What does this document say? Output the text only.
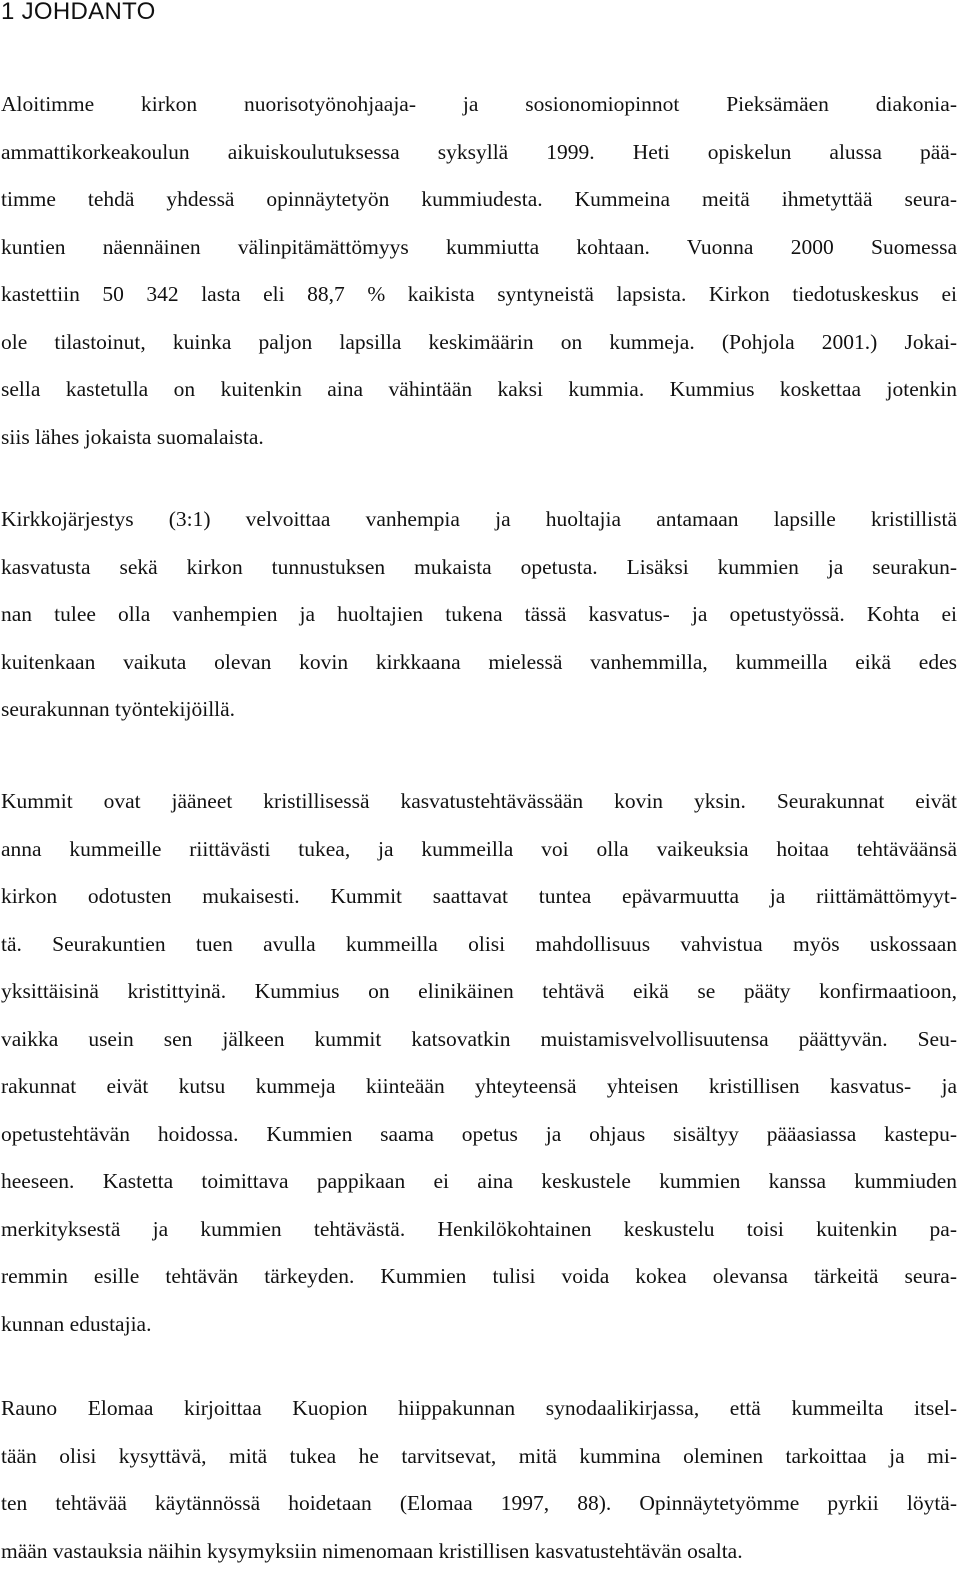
1 JOHDANTO
Aloitimme kirkon nuorisotyönohjaaja- ja sosionomiopinnot Pieksämäen diakonia-
ammattikorkeakoulun aikuiskoulutuksessa syksyllä 1999. Heti opiskelun alussa pää-
timme tehdä yhdessä opinnäytetyön kummiudesta. Kummeina meitä ihmetyttää seura-
kuntien näennäinen välinpitämättömyys kummiutta kohtaan. Vuonna 2000 Suomessa
kastettiin 50 342 lasta eli 88,7 % kaikista syntyneistä lapsista. Kirkon tiedotuskeskus ei
ole tilastoinut, kuinka paljon lapsilla keskimäärin on kummeja. (Pohjola 2001.) Jokai-
sella kastetulla on kuitenkin aina vähintään kaksi kummia. Kummius koskettaa jotenkin
siis lähes jokaista suomalaista.
Kirkkojärjestys (3:1) velvoittaa vanhempia ja huoltajia antamaan lapsille kristillistä
kasvatusta sekä kirkon tunnustuksen mukaista opetusta. Lisäksi kummien ja seurakun-
nan tulee olla vanhempien ja huoltajien tukena tässä kasvatus- ja opetustyössä. Kohta ei
kuitenkaan vaikuta olevan kovin kirkkaana mielessä vanhemmilla, kummeilla eikä edes
seurakunnan työntekijöillä.
Kummit ovat jääneet kristillisessä kasvatustehtävässään kovin yksin. Seurakunnat eivät
anna kummeille riittävästi tukea, ja kummeilla voi olla vaikeuksia hoitaa tehtäväänsä
kirkon odotusten mukaisesti. Kummit saattavat tuntea epävarmuutta ja riittämättömyyt-
tä. Seurakuntien tuen avulla kummeilla olisi mahdollisuus vahvistua myös uskossaan
yksittäisinä kristittyinä. Kummius on elinikäinen tehtävä eikä se pääty konfirmaatioon,
vaikka usein sen jälkeen kummit katsovatkin muistamisvelvollisuutensa päättyvän. Seu-
rakunnat eivät kutsu kummeja kiinteään yhteyteensä yhteisen kristillisen kasvatus- ja
opetustehtävän hoidossa. Kummien saama opetus ja ohjaus sisältyy pääasiassa kastepu-
heeseen. Kastetta toimittava pappikaan ei aina keskustele kummien kanssa kummiuden
merkityksestä ja kummien tehtävästä. Henkilökohtainen keskustelu toisi kuitenkin pa-
remmin esille tehtävän tärkeyden. Kummien tulisi voida kokea olevansa tärkeitä seura-
kunnan edustajia.
Rauno Elomaa kirjoittaa Kuopion hiippakunnan synodaalikirjassa, että kummeilta itsel-
tään olisi kysyttävä, mitä tukea he tarvitsevat, mitä kummina oleminen tarkoittaa ja mi-
ten tehtävää käytännössä hoidetaan (Elomaa 1997, 88). Opinnäytetyömme pyrkii löytä-
mään vastauksia näihin kysymyksiin nimenomaan kristillisen kasvatustehtävän osalta.
